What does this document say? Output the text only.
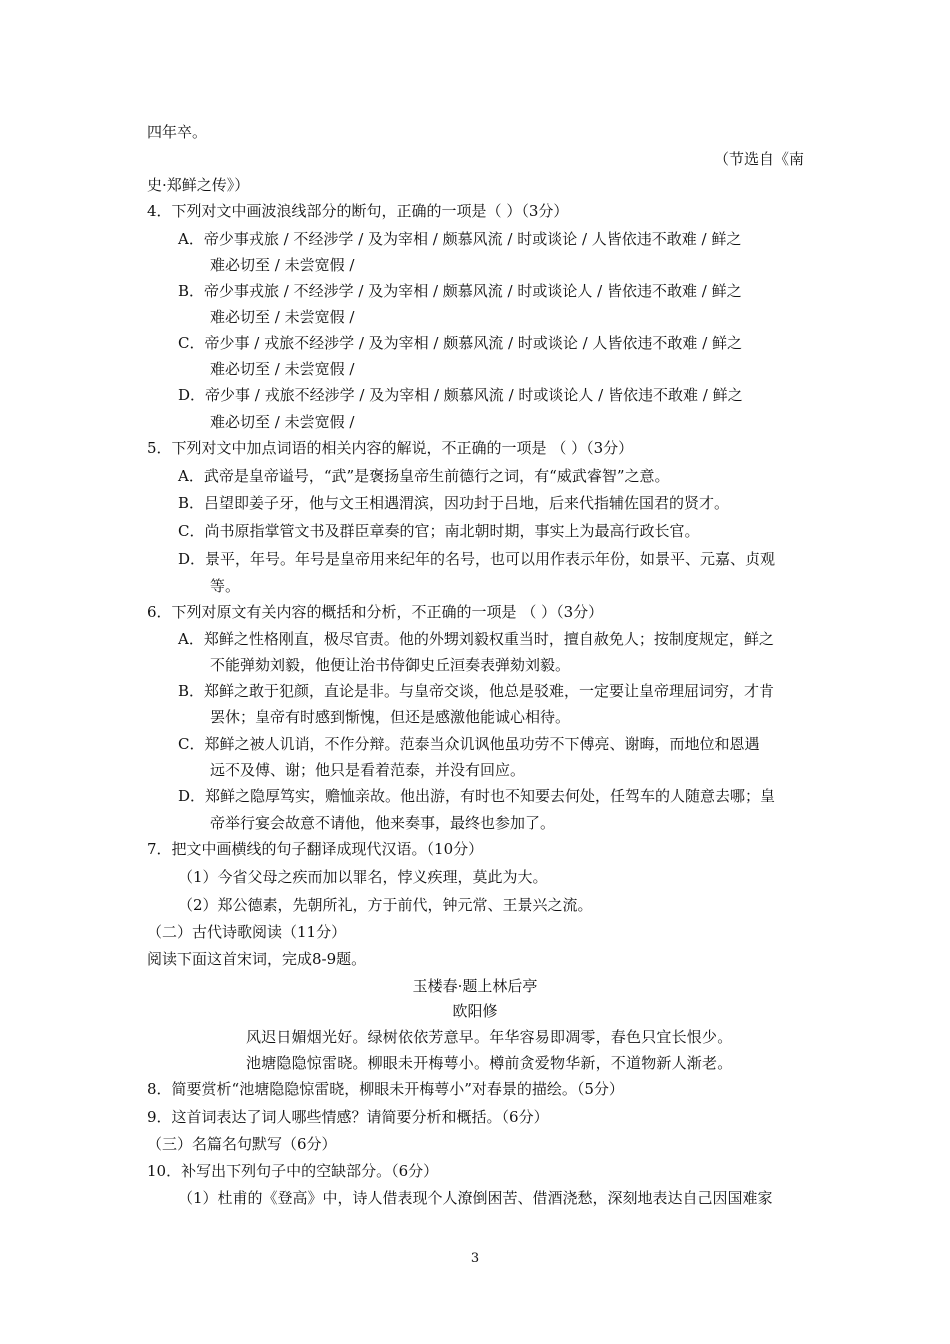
四年卒。
（节选自《南
史·郑鲜之传》）
4．下列对文中画波浪线部分的断句，正确的一项是（ ）（3分）
A．帝少事戎旅 / 不经涉学 / 及为宰相 / 颇慕风流 / 时或谈论 / 人皆依违不敢难 / 鲜之
难必切至 / 未尝宽假 /
B．帝少事戎旅 / 不经涉学 / 及为宰相 / 颇慕风流 / 时或谈论人 / 皆依违不敢难 / 鲜之
难必切至 / 未尝宽假 /
C．帝少事 / 戎旅不经涉学 / 及为宰相 / 颇慕风流 / 时或谈论 / 人皆依违不敢难 / 鲜之
难必切至 / 未尝宽假 /
D．帝少事 / 戎旅不经涉学 / 及为宰相 / 颇慕风流 / 时或谈论人 / 皆依违不敢难 / 鲜之
难必切至 / 未尝宽假 /
5．下列对文中加点词语的相关内容的解说，不正确的一项是 （ ）（3分）
A．武帝是皇帝谥号，“武”是褒扬皇帝生前德行之词，有“威武睿智”之意。
B．吕望即姜子牙，他与文王相遇渭滨，因功封于吕地，后来代指辅佐国君的贤才。
C．尚书原指掌管文书及群臣章奏的官；南北朝时期，事实上为最高行政长官。
D．景平，年号。年号是皇帝用来纪年的名号，也可以用作表示年份，如景平、元嘉、贞观
等。
6．下列对原文有关内容的概括和分析，不正确的一项是 （ ）（3分）
A．郑鲜之性格刚直，极尽官责。他的外甥刘毅权重当时，擅自赦免人；按制度规定，鲜之
不能弹劾刘毅，他便让治书侍御史丘洹奏表弹劾刘毅。
B．郑鲜之敢于犯颜，直论是非。与皇帝交谈，他总是驳难，一定要让皇帝理屈词穷，才肯
罢休；皇帝有时感到惭愧，但还是感激他能诚心相待。
C．郑鲜之被人讥诮，不作分辩。范泰当众讥讽他虽功劳不下傅亮、谢晦，而地位和恩遇
远不及傅、谢；他只是看着范泰，并没有回应。
D．郑鲜之隐厚笃实，赡恤亲故。他出游，有时也不知要去何处，任驾车的人随意去哪；皇
帝举行宴会故意不请他，他来奏事，最终也参加了。
7．把文中画横线的句子翻译成现代汉语。（10分）
（1）今省父母之疾而加以罪名，悖义疾理，莫此为大。
（2）郑公德素，先朝所礼，方于前代，钟元常、王景兴之流。
（二）古代诗歌阅读（11分）
阅读下面这首宋词，完成8-9题。
玉楼春·题上林后亭
欧阳修
风迟日媚烟光好。绿树依依芳意早。年华容易即凋零，春色只宜长恨少。
池塘隐隐惊雷晓。柳眼未开梅萼小。樽前贪爱物华新，不道物新人渐老。
8．简要赏析“池塘隐隐惊雷晓，柳眼未开梅萼小”对春景的描绘。（5分）
9．这首词表达了词人哪些情感？请简要分析和概括。（6分）
（三）名篇名句默写（6分）
10．补写出下列句子中的空缺部分。（6分）
（1）杜甫的《登高》中，诗人借表现个人潦倒困苦、借酒浇愁，深刻地表达自己因国难家
3
